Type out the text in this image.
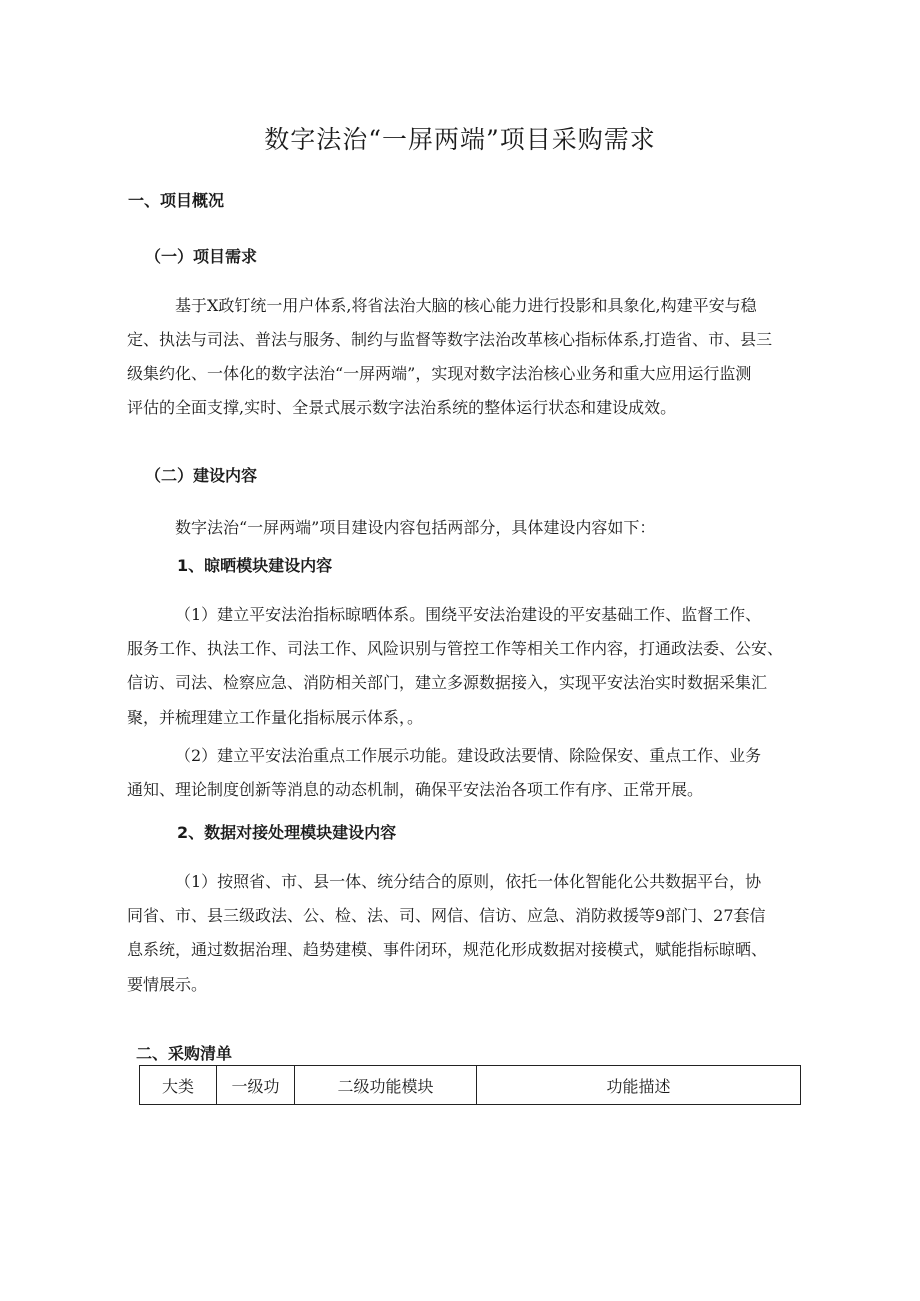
数字法治“一屏两端”项目采购需求
一、项目概况
（一）项目需求
基于X政钉统一用户体系,将省法治大脑的核心能力进行投影和具象化,构建平安与稳
定、执法与司法、普法与服务、制约与监督等数字法治改革核心指标体系,打造省、市、县三
级集约化、一体化的数字法治“一屏两端”，实现对数字法治核心业务和重大应用运行监测
评估的全面支撑,实时、全景式展示数字法治系统的整体运行状态和建设成效。
（二）建设内容
数字法治“一屏两端”项目建设内容包括两部分，具体建设内容如下：
1、晾晒模块建设内容
（1）建立平安法治指标晾晒体系。围绕平安法治建设的平安基础工作、监督工作、
服务工作、执法工作、司法工作、风险识别与管控工作等相关工作内容，打通政法委、公安、
信访、司法、检察应急、消防相关部门，建立多源数据接入，实现平安法治实时数据采集汇
聚，并梳理建立工作量化指标展示体系，。
（2）建立平安法治重点工作展示功能。建设政法要情、除险保安、重点工作、业务
通知、理论制度创新等消息的动态机制，确保平安法治各项工作有序、正常开展。
2、数据对接处理模块建设内容
（1）按照省、市、县一体、统分结合的原则，依托一体化智能化公共数据平台，协
同省、市、县三级政法、公、检、法、司、网信、信访、应急、消防救援等9部门、27套信
息系统，通过数据治理、趋势建模、事件闭环，规范化形成数据对接模式，赋能指标晾晒、
要情展示。
二、采购清单
大类	一级功	二级功能模块	功能描述
